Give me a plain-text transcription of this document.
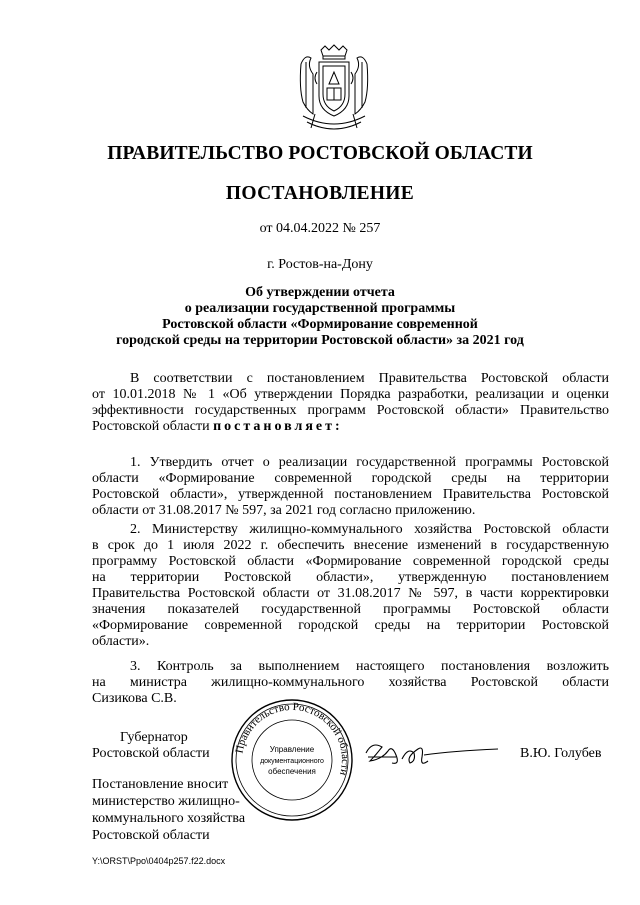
ПРАВИТЕЛЬСТВО РОСТОВСКОЙ ОБЛАСТИ
ПОСТАНОВЛЕНИЕ
от 04.04.2022 № 257
г. Ростов-на-Дону
Об утверждении отчета
о реализации государственной программы
Ростовской области «Формирование современной
городской среды на территории Ростовской области» за 2021 год
В соответствии с постановлением Правительства Ростовской области
от 10.01.2018 № 1 «Об утверждении Порядка разработки, реализации и оценки
эффективности государственных программ Ростовской области» Правительство
Ростовской области постановляет:
1. Утвердить отчет о реализации государственной программы Ростовской
области «Формирование современной городской среды на территории
Ростовской области», утвержденной постановлением Правительства Ростовской
области от 31.08.2017 № 597, за 2021 год согласно приложению.
2. Министерству жилищно-коммунального хозяйства Ростовской области
в срок до 1 июля 2022 г. обеспечить внесение изменений в государственную
программу Ростовской области «Формирование современной городской среды
на территории Ростовской области», утвержденную постановлением
Правительства Ростовской области от 31.08.2017 № 597, в части корректировки
значения показателей государственной программы Ростовской области
«Формирование современной городской среды на территории Ростовской
области».
3. Контроль за выполнением настоящего постановления возложить
на министра жилищно-коммунального хозяйства Ростовской области
Сизикова С.В.
Губернатор
Ростовской области	В.Ю. Голубев
Постановление вносит
министерство жилищно-
коммунального хозяйства
Ростовской области
Правительство Ростовской области
Управление
документационного
обеспечения
Y:\ORST\Ppo\0404p257.f22.docx
